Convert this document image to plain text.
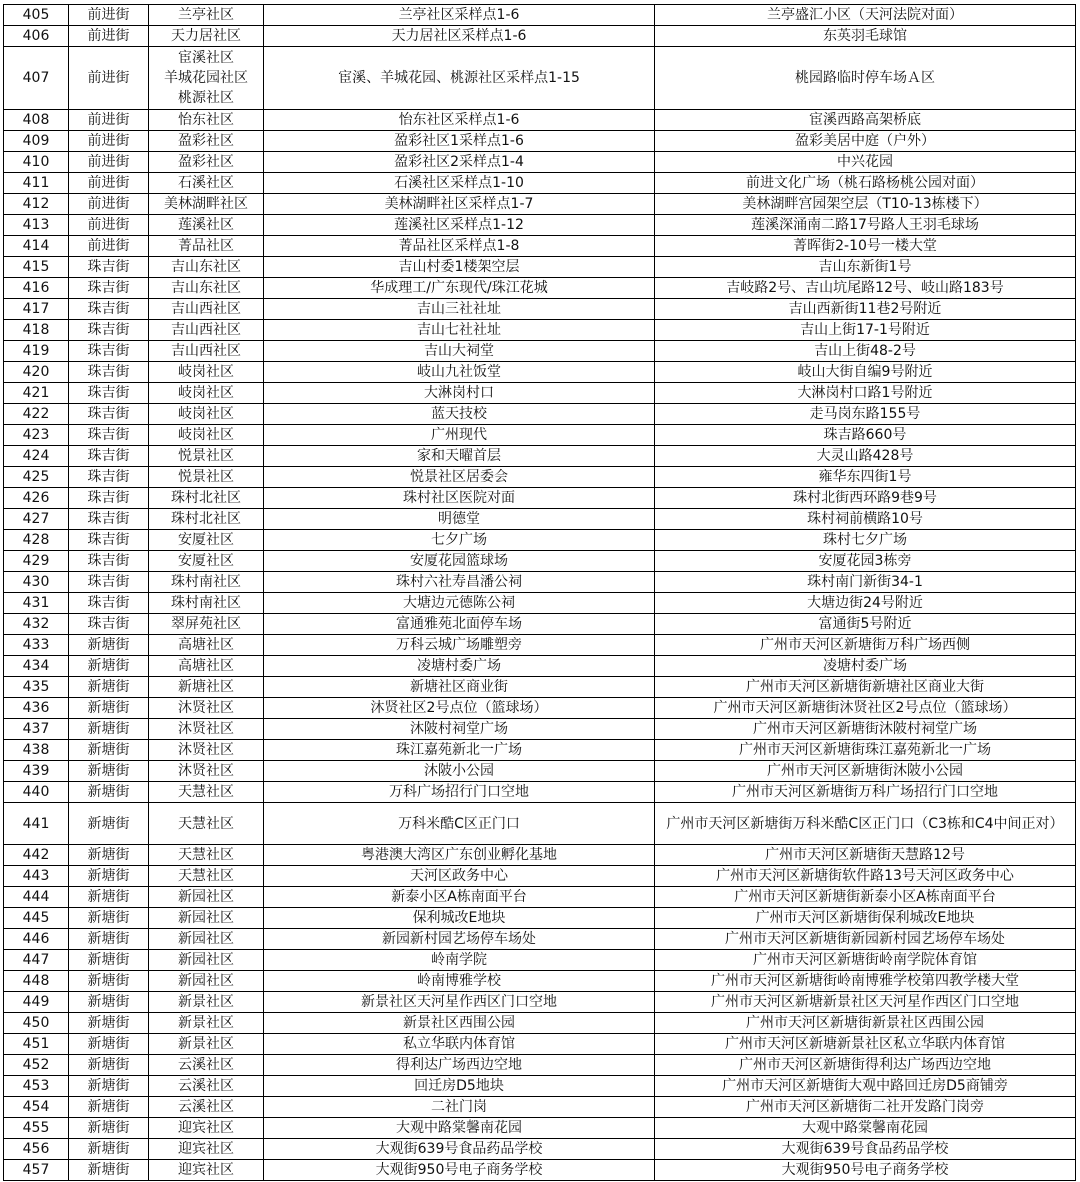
405	前进街	兰亭社区	兰亭社区采样点1-6	兰亭盛汇小区（天河法院对面）
406	前进街	天力居社区	天力居社区采样点1-6	东英羽毛球馆
407	前进街	宦溪社区
羊城花园社区
桃源社区	宦溪、羊城花园、桃源社区采样点1-15	桃园路临时停车场Ａ区
408	前进街	怡东社区	怡东社区采样点1-6	宦溪西路高架桥底
409	前进街	盈彩社区	盈彩社区1采样点1-6	盈彩美居中庭（户外）
410	前进街	盈彩社区	盈彩社区2采样点1-4	中兴花园
411	前进街	石溪社区	石溪社区采样点1-10	前进文化广场（桃石路杨桃公园对面）
412	前进街	美林湖畔社区	美林湖畔社区采样点1-7	美林湖畔宫园架空层（T10-13栋楼下）
413	前进街	莲溪社区	莲溪社区采样点1-12	莲溪深涌南二路17号路人王羽毛球场
414	前进街	菁品社区	菁品社区采样点1-8	菁晖街2-10号一楼大堂
415	珠吉街	吉山东社区	吉山村委1楼架空层	吉山东新街1号
416	珠吉街	吉山东社区	华成理工/广东现代/珠江花城	吉岐路2号、吉山坑尾路12号、岐山路183号
417	珠吉街	吉山西社区	吉山三社社址	吉山西新街11巷2号附近
418	珠吉街	吉山西社区	吉山七社社址	吉山上街17-1号附近
419	珠吉街	吉山西社区	吉山大祠堂	吉山上街48-2号
420	珠吉街	岐岗社区	岐山九社饭堂	岐山大街自编9号附近
421	珠吉街	岐岗社区	大淋岗村口	大淋岗村口路1号附近
422	珠吉街	岐岗社区	蓝天技校	走马岗东路155号
423	珠吉街	岐岗社区	广州现代	珠吉路660号
424	珠吉街	悦景社区	家和天曜首层	大灵山路428号
425	珠吉街	悦景社区	悦景社区居委会	雍华东四街1号
426	珠吉街	珠村北社区	珠村社区医院对面	珠村北街西环路9巷9号
427	珠吉街	珠村北社区	明德堂	珠村祠前横路10号
428	珠吉街	安厦社区	七夕广场	珠村七夕广场
429	珠吉街	安厦社区	安厦花园篮球场	安厦花园3栋旁
430	珠吉街	珠村南社区	珠村六社寿昌潘公祠	珠村南门新街34-1
431	珠吉街	珠村南社区	大塘边元德陈公祠	大塘边街24号附近
432	珠吉街	翠屏苑社区	富通雅苑北面停车场	富通街5号附近
433	新塘街	高塘社区	万科云城广场雕塑旁	广州市天河区新塘街万科广场西侧
434	新塘街	高塘社区	凌塘村委广场	凌塘村委广场
435	新塘街	新塘社区	新塘社区商业街	广州市天河区新塘街新塘社区商业大街
436	新塘街	沐贤社区	沐贤社区2号点位（篮球场）	广州市天河区新塘街沐贤社区2号点位（篮球场）
437	新塘街	沐贤社区	沐陂村祠堂广场	广州市天河区新塘街沐陂村祠堂广场
438	新塘街	沐贤社区	珠江嘉苑新北一广场	广州市天河区新塘街珠江嘉苑新北一广场
439	新塘街	沐贤社区	沐陂小公园	广州市天河区新塘街沐陂小公园
440	新塘街	天慧社区	万科广场招行门口空地	广州市天河区新塘街万科广场招行门口空地
441	新塘街	天慧社区	万科米酷C区正门口	广州市天河区新塘街万科米酷C区正门口（C3栋和C4中间正对）
442	新塘街	天慧社区	粤港澳大湾区广东创业孵化基地	广州市天河区新塘街天慧路12号
443	新塘街	天慧社区	天河区政务中心	广州市天河区新塘街软件路13号天河区政务中心
444	新塘街	新园社区	新泰小区A栋南面平台	广州市天河区新塘街新泰小区A栋南面平台
445	新塘街	新园社区	保利城改E地块	广州市天河区新塘街保利城改E地块
446	新塘街	新园社区	新园新村园艺场停车场处	广州市天河区新塘街新园新村园艺场停车场处
447	新塘街	新园社区	岭南学院	广州市天河区新塘街岭南学院体育馆
448	新塘街	新园社区	岭南博雅学校	广州市天河区新塘街岭南博雅学校第四教学楼大堂
449	新塘街	新景社区	新景社区天河星作西区门口空地	广州市天河区新塘新景社区天河星作西区门口空地
450	新塘街	新景社区	新景社区西围公园	广州市天河区新塘街新景社区西围公园
451	新塘街	新景社区	私立华联内体育馆	广州市天河区新塘新景社区私立华联内体育馆
452	新塘街	云溪社区	得利达广场西边空地	广州市天河区新塘街得利达广场西边空地
453	新塘街	云溪社区	回迁房D5地块	广州市天河区新塘街大观中路回迁房D5商铺旁
454	新塘街	云溪社区	二社门岗	广州市天河区新塘街二社开发路门岗旁
455	新塘街	迎宾社区	大观中路棠馨南花园	大观中路棠馨南花园
456	新塘街	迎宾社区	大观街639号食品药品学校	大观街639号食品药品学校
457	新塘街	迎宾社区	大观街950号电子商务学校	大观街950号电子商务学校
